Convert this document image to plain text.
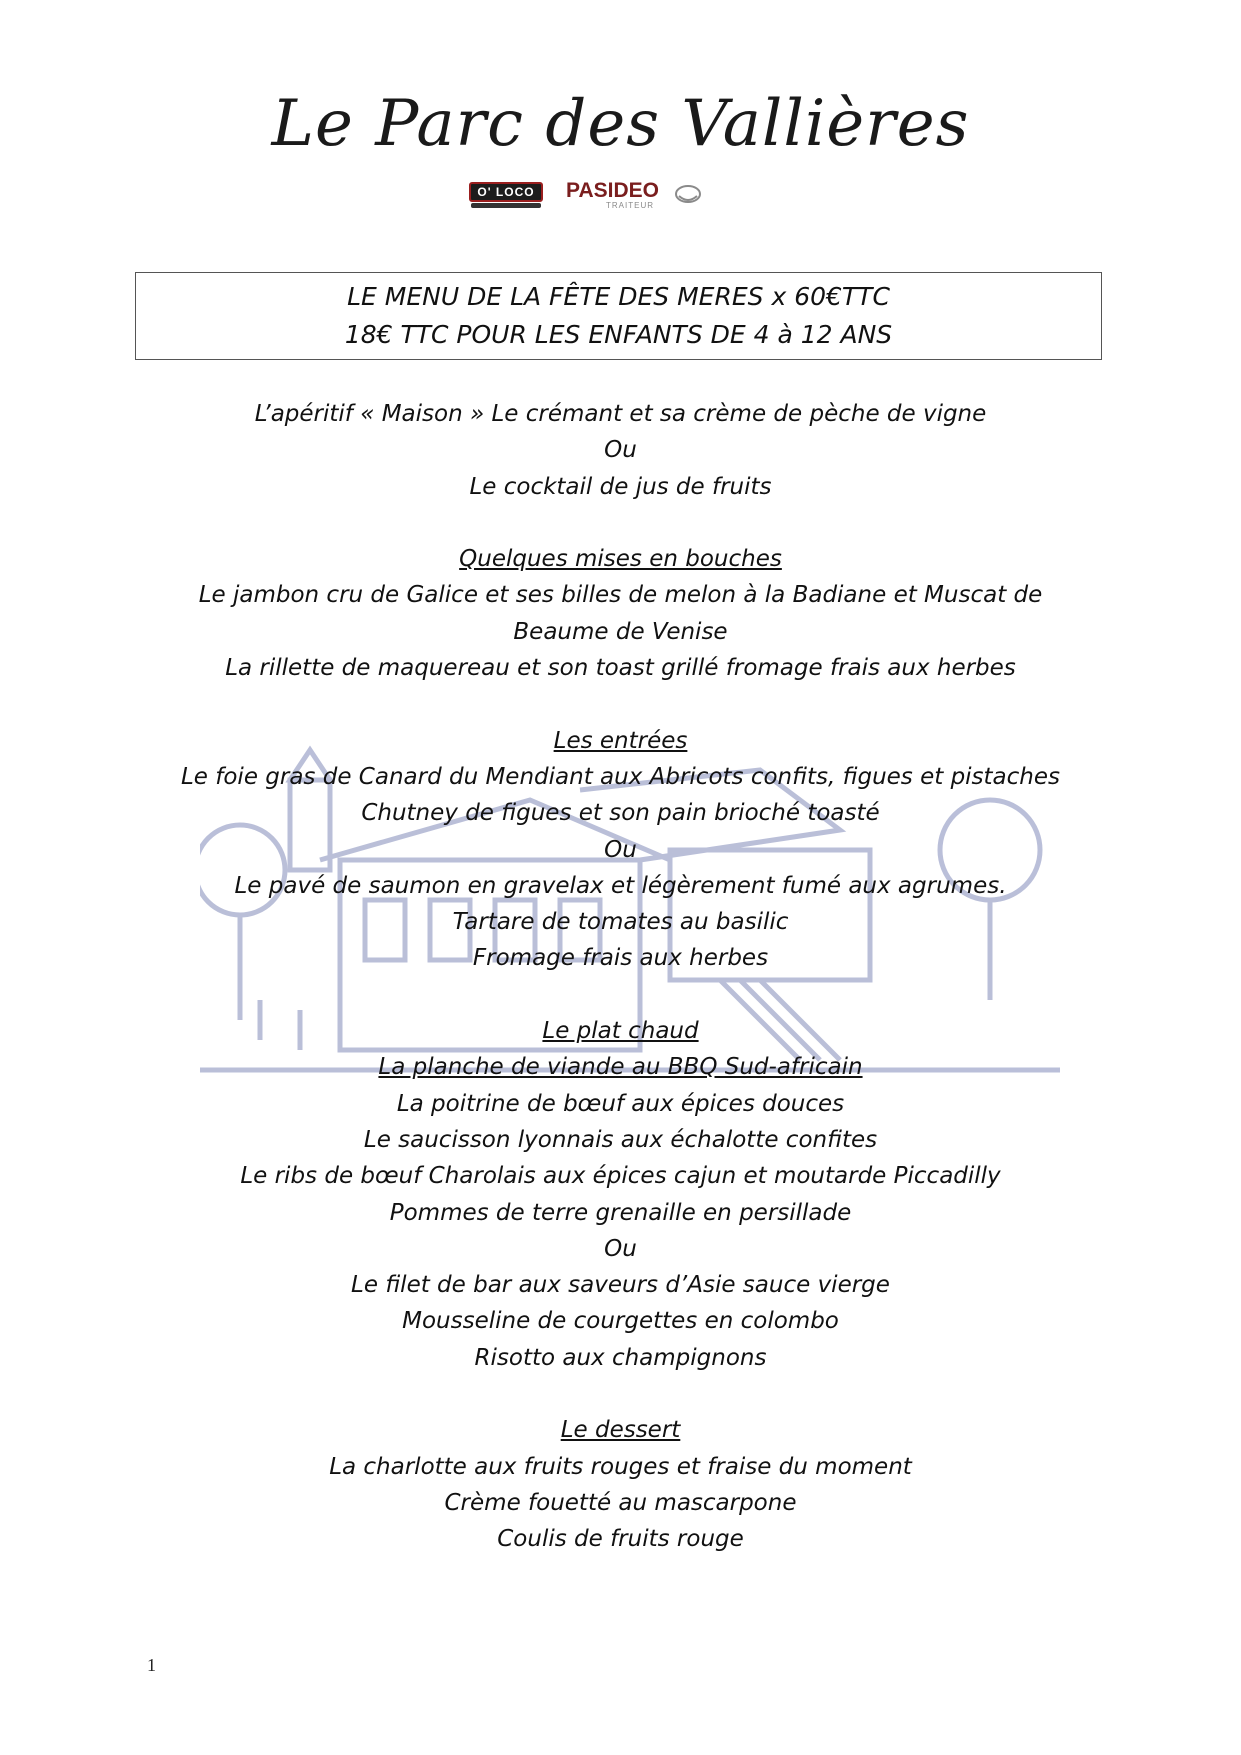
Le Parc des Vallières
O' LOCO	PASIDEO
TRAITEUR
LE MENU DE LA FÊTE DES MERES x 60€TTC
18€ TTC POUR LES ENFANTS DE 4 à 12 ANS
L’apéritif « Maison » Le crémant et sa crème de pèche de vigne
Ou
Le cocktail de jus de fruits
Quelques mises en bouches
Le jambon cru de Galice et ses billes de melon à la Badiane et Muscat de
Beaume de Venise
La rillette de maquereau et son toast grillé fromage frais aux herbes
Les entrées
Le foie gras de Canard du Mendiant aux Abricots confits, figues et pistaches
Chutney de figues et son pain brioché toasté
Ou
Le pavé de saumon en gravelax et légèrement fumé aux agrumes.
Tartare de tomates au basilic
Fromage frais aux herbes
Le plat chaud
La planche de viande au BBQ Sud-africain
La poitrine de bœuf aux épices douces
Le saucisson lyonnais aux échalotte confites
Le ribs de bœuf Charolais aux épices cajun et moutarde Piccadilly
Pommes de terre grenaille en persillade
Ou
Le filet de bar aux saveurs d’Asie sauce vierge
Mousseline de courgettes en colombo
Risotto aux champignons
Le dessert
La charlotte aux fruits rouges et fraise du moment
Crème fouetté au mascarpone
Coulis de fruits rouge
1
